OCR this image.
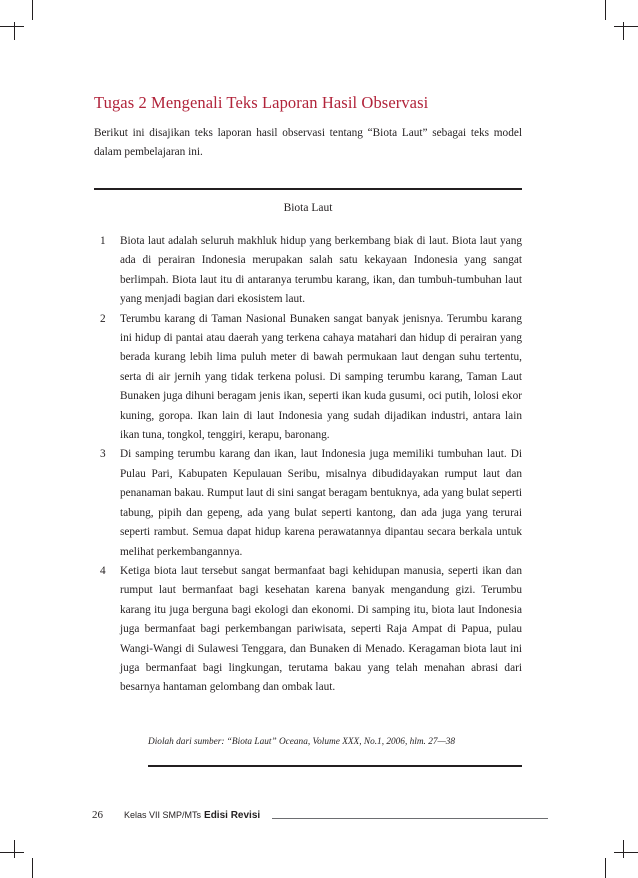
Tugas 2 Mengenali Teks Laporan Hasil Observasi

Berikut ini disajikan teks laporan hasil observasi tentang “Biota Laut” sebagai teks model dalam pembelajaran ini.

Biota Laut
1	Biota laut adalah seluruh makhluk hidup yang berkembang biak di laut. Biota laut yang ada di perairan Indonesia merupakan salah satu kekayaan Indonesia yang sangat berlimpah. Biota laut itu di antaranya terumbu karang, ikan, dan tumbuh-tumbuhan laut yang menjadi bagian dari ekosistem laut.

2	Terumbu karang di Taman Nasional Bunaken sangat banyak jenisnya. Terumbu karang ini hidup di pantai atau daerah yang terkena cahaya matahari dan hidup di perairan yang berada kurang lebih lima puluh meter di bawah permukaan laut dengan suhu tertentu, serta di air jernih yang tidak terkena polusi. Di samping terumbu karang, Taman Laut Bunaken juga dihuni beragam jenis ikan, seperti ikan kuda gusumi, oci putih, lolosi ekor kuning, goropa. Ikan lain di laut Indonesia yang sudah dijadikan industri, antara lain ikan tuna, tongkol, tenggiri, kerapu, baronang.

3	Di samping terumbu karang dan ikan, laut Indonesia juga memiliki tumbuhan laut. Di Pulau Pari, Kabupaten Kepulauan Seribu, misalnya dibudidayakan rumput laut dan penanaman bakau. Rumput laut di sini sangat beragam bentuknya, ada yang bulat seperti tabung, pipih dan gepeng, ada yang bulat seperti kantong, dan ada juga yang terurai seperti rambut. Semua dapat hidup karena perawatannya dipantau secara berkala untuk melihat perkembangannya.

4	Ketiga biota laut tersebut sangat bermanfaat bagi kehidupan manusia, seperti ikan dan rumput laut bermanfaat bagi kesehatan karena banyak mengandung gizi. Terumbu karang itu juga berguna bagi ekologi dan ekonomi. Di samping itu, biota laut Indonesia juga bermanfaat bagi perkembangan pariwisata, seperti Raja Ampat di Papua, pulau Wangi-Wangi di Sulawesi Tenggara, dan Bunaken di Menado. Keragaman biota laut ini juga bermanfaat bagi lingkungan, terutama bakau yang telah menahan abrasi dari besarnya hantaman gelombang dan ombak laut.

Diolah dari sumber: “Biota Laut” Oceana, Volume XXX, No.1, 2006, hlm. 27—38
26 Kelas VII SMP/MTs Edisi Revisi
